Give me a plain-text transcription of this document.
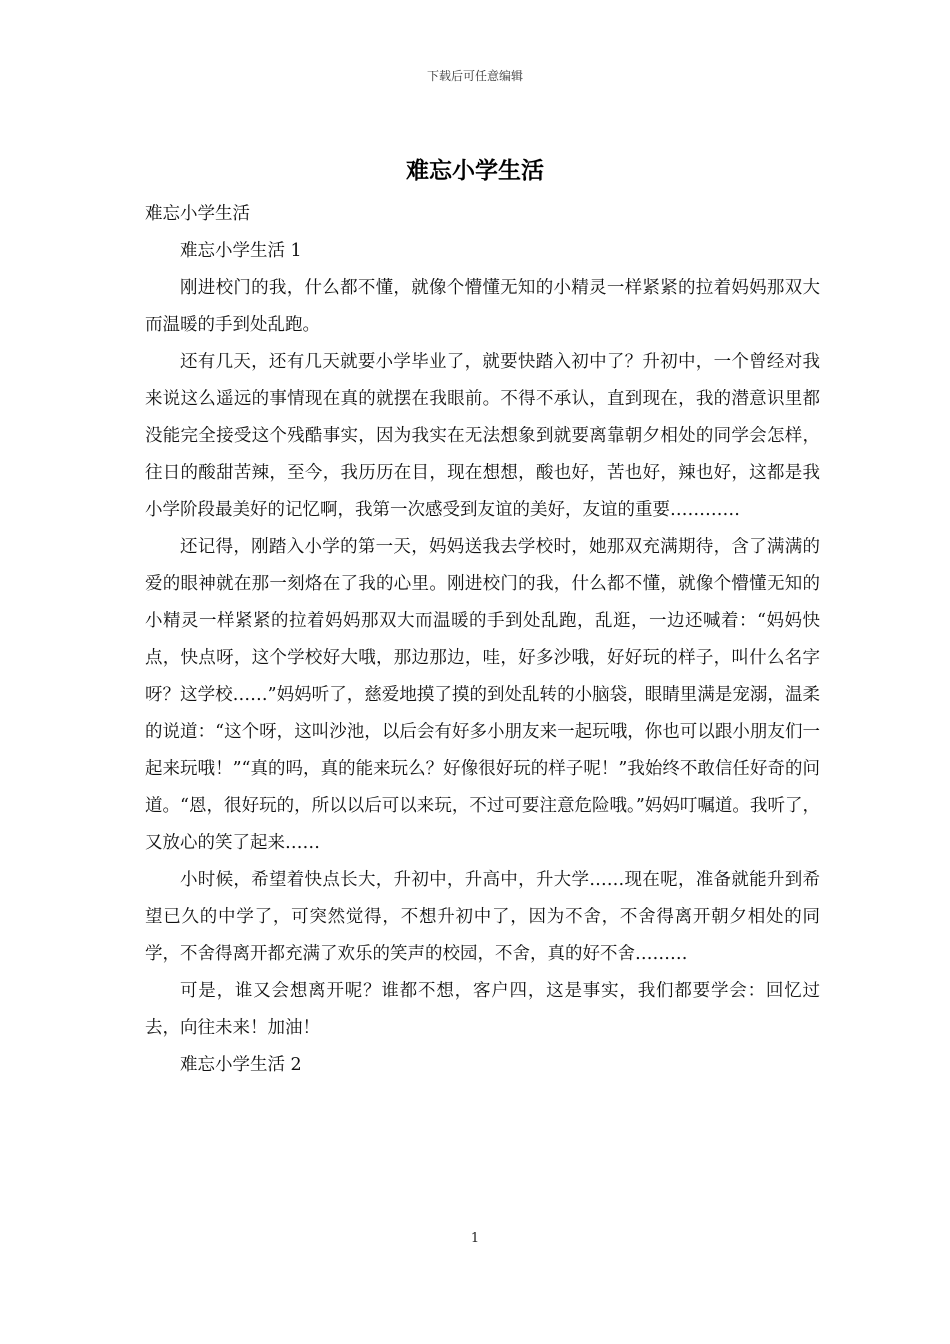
下载后可任意编辑
难忘小学生活

难忘小学生活

难忘小学生活 1

刚进校门的我，什么都不懂，就像个懵懂无知的小精灵一样紧紧的拉着妈妈那双大而温暖的手到处乱跑。

还有几天，还有几天就要小学毕业了，就要快踏入初中了？升初中，一个曾经对我来说这么遥远的事情现在真的就摆在我眼前。不得不承认，直到现在，我的潜意识里都没能完全接受这个残酷事实，因为我实在无法想象到就要离靠朝夕相处的同学会怎样，往日的酸甜苦辣，至今，我历历在目，现在想想，酸也好，苦也好，辣也好，这都是我小学阶段最美好的记忆啊，我第一次感受到友谊的美好，友谊的重要…………

还记得，刚踏入小学的第一天，妈妈送我去学校时，她那双充满期待，含了满满的爱的眼神就在那一刻烙在了我的心里。刚进校门的我，什么都不懂，就像个懵懂无知的小精灵一样紧紧的拉着妈妈那双大而温暖的手到处乱跑，乱逛，一边还喊着：“妈妈快点，快点呀，这个学校好大哦，那边那边，哇，好多沙哦，好好玩的样子，叫什么名字呀？这学校……”妈妈听了，慈爱地摸了摸的到处乱转的小脑袋，眼睛里满是宠溺，温柔的说道：“这个呀，这叫沙池，以后会有好多小朋友来一起玩哦，你也可以跟小朋友们一起来玩哦！”“真的吗，真的能来玩么？好像很好玩的样子呢！”我始终不敢信任好奇的问道。“恩，很好玩的，所以以后可以来玩，不过可要注意危险哦。”妈妈叮嘱道。我听了，又放心的笑了起来……

小时候，希望着快点长大，升初中，升高中，升大学……现在呢，准备就能升到希望已久的中学了，可突然觉得，不想升初中了，因为不舍，不舍得离开朝夕相处的同学，不舍得离开都充满了欢乐的笑声的校园，不舍，真的好不舍………

可是，谁又会想离开呢？谁都不想，客户四，这是事实，我们都要学会：回忆过去，向往未来！加油！

难忘小学生活 2

1
